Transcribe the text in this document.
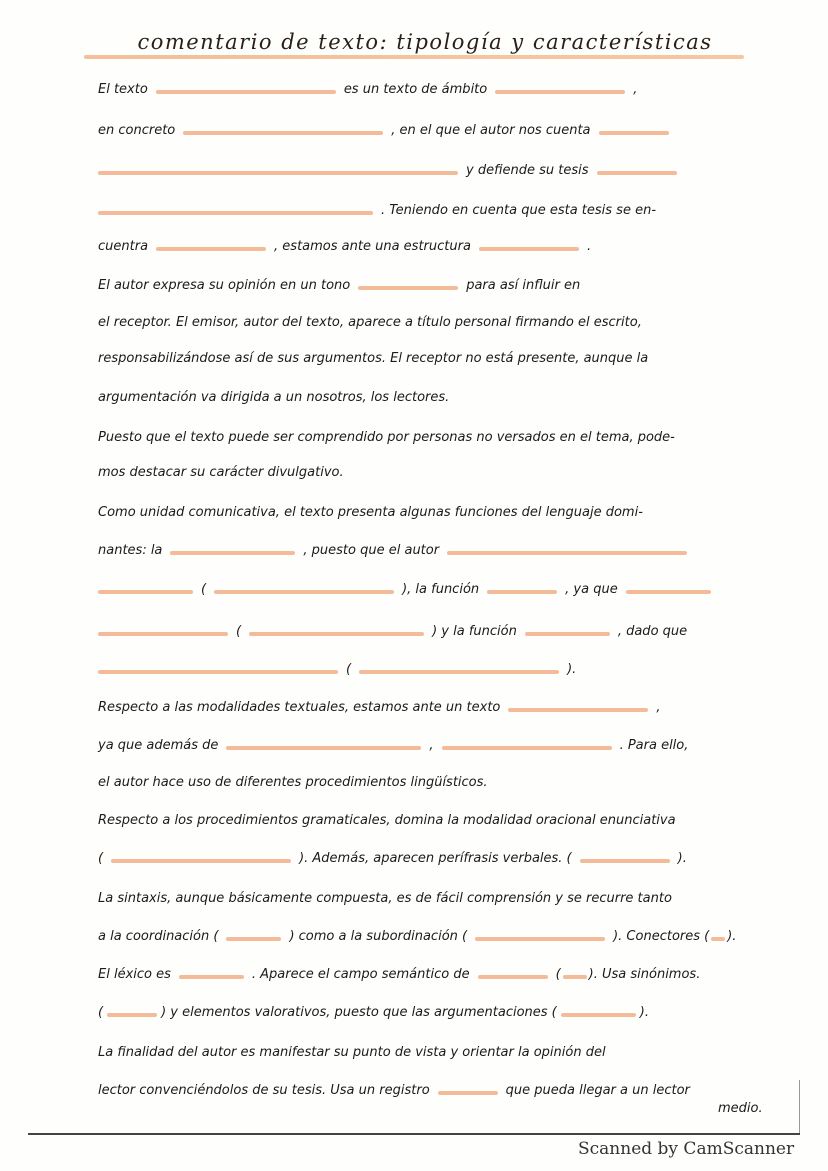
comentario de texto: tipología y características
El texto	es un texto de ámbito	,
en concreto	, en el que el autor nos cuenta
y defiende su tesis
. Teniendo en cuenta que esta tesis se en-
cuentra	, estamos ante una estructura	.
El autor expresa su opinión en un tono	para así influir en
el receptor. El emisor, autor del texto, aparece a título personal firmando el escrito,
responsabilizándose así de sus argumentos. El receptor no está presente, aunque la
argumentación va dirigida a un nosotros, los lectores.
Puesto que el texto puede ser comprendido por personas no versados en el tema, pode-
mos destacar su carácter divulgativo.
Como unidad comunicativa, el texto presenta algunas funciones del lenguaje domi-
nantes: la	, puesto que el autor
(	), la función	, ya que
(	) y la función	, dado que
(	).
Respecto a las modalidades textuales, estamos ante un texto	,
ya que además de	,	. Para ello,
el autor hace uso de diferentes procedimientos lingüísticos.
Respecto a los procedimientos gramaticales, domina la modalidad oracional enunciativa
(	). Además, aparecen perífrasis verbales. (	).
La sintaxis, aunque básicamente compuesta, es de fácil comprensión y se recurre tanto
a la coordinación (	) como a la subordinación (	). Conectores ( ).
El léxico es	. Aparece el campo semántico de	( ). Usa sinónimos.
(	) y elementos valorativos, puesto que las argumentaciones (	).
La finalidad del autor es manifestar su punto de vista y orientar la opinión del
lector convenciéndolos de su tesis. Usa un registro	que pueda llegar a un lector
medio.
Scanned by CamScanner
